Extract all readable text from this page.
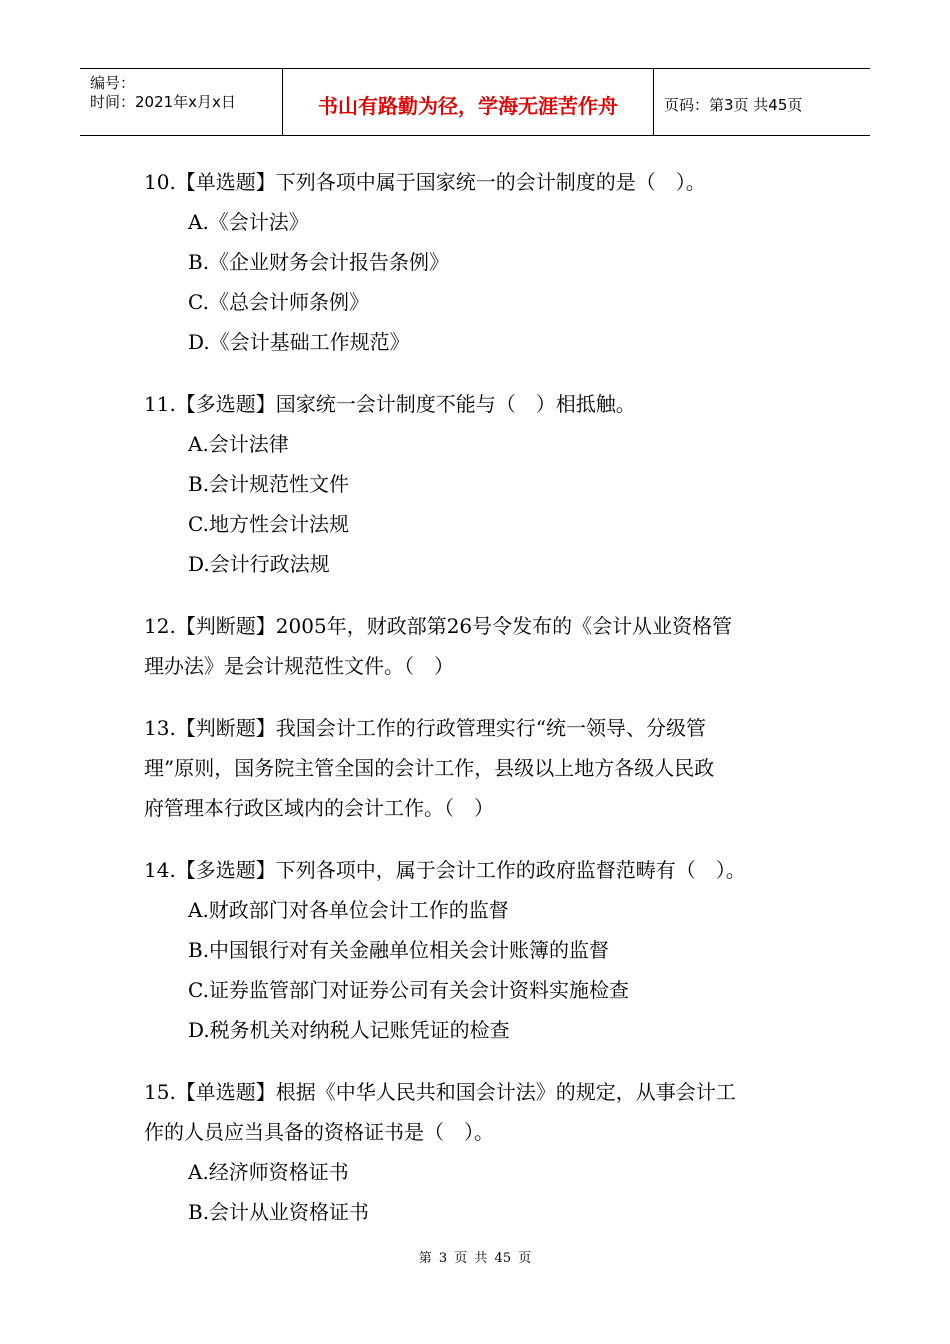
编号：
时间：2021年x月x日	书山有路勤为径，学海无涯苦作舟	页码：第3页 共45页
10.【单选题】下列各项中属于国家统一的会计制度的是（　）。
A.《会计法》
B.《企业财务会计报告条例》
C.《总会计师条例》
D.《会计基础工作规范》
11.【多选题】国家统一会计制度不能与（　）相抵触。
A.会计法律
B.会计规范性文件
C.地方性会计法规
D.会计行政法规
12.【判断题】2005年，财政部第26号令发布的《会计从业资格管
理办法》是会计规范性文件。（　）
13.【判断题】我国会计工作的行政管理实行“统一领导、分级管
理”原则，国务院主管全国的会计工作，县级以上地方各级人民政
府管理本行政区域内的会计工作。（　）
14.【多选题】下列各项中，属于会计工作的政府监督范畴有（　）。
A.财政部门对各单位会计工作的监督
B.中国银行对有关金融单位相关会计账簿的监督
C.证券监管部门对证券公司有关会计资料实施检查
D.税务机关对纳税人记账凭证的检查
15.【单选题】根据《中华人民共和国会计法》的规定，从事会计工
作的人员应当具备的资格证书是（　）。
A.经济师资格证书
B.会计从业资格证书
第 3 页 共 45 页
